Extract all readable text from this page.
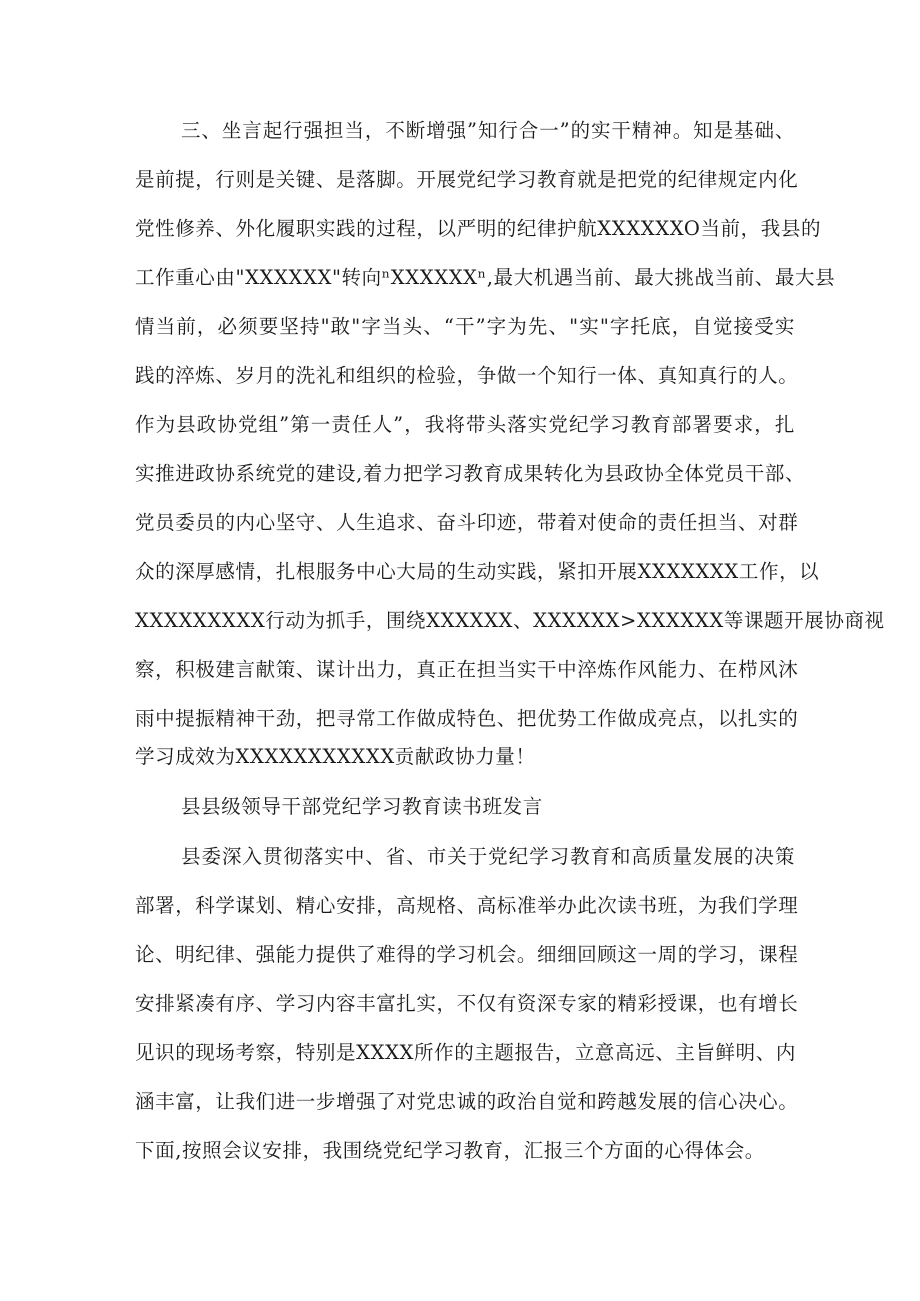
三、坐言起行强担当，不断增强”知行合一”的实干精神。知是基础、
是前提，行则是关键、是落脚。开展党纪学习教育就是把党的纪律规定内化
党性修养、外化履职实践的过程，以严明的纪律护航XXXXXXO当前，我县的
工作重心由"XXXXXX"转向ⁿXXXXXXⁿ,最大机遇当前、最大挑战当前、最大县
情当前，必须要坚持"敢"字当头、“干”字为先、"实"字托底，自觉接受实
践的淬炼、岁月的洗礼和组织的检验，争做一个知行一体、真知真行的人。
作为县政协党组”第一责任人”，我将带头落实党纪学习教育部署要求，扎
实推进政协系统党的建设,着力把学习教育成果转化为县政协全体党员干部、
党员委员的内心坚守、人生追求、奋斗印迹，带着对使命的责任担当、对群
众的深厚感情，扎根服务中心大局的生动实践，紧扣开展XXXXXXX工作，以
XXXXXXXXX行动为抓手，围绕XXXXXX、XXXXXX>XXXXXX等课题开展协商视
察，积极建言献策、谋计出力，真正在担当实干中淬炼作风能力、在栉风沐
雨中提振精神干劲，把寻常工作做成特色、把优势工作做成亮点，以扎实的
学习成效为XXXXXXXXXXX贡献政协力量！
县县级领导干部党纪学习教育读书班发言
县委深入贯彻落实中、省、市关于党纪学习教育和高质量发展的决策
部署，科学谋划、精心安排，高规格、高标准举办此次读书班，为我们学理
论、明纪律、强能力提供了难得的学习机会。细细回顾这一周的学习，课程
安排紧凑有序、学习内容丰富扎实，不仅有资深专家的精彩授课，也有增长
见识的现场考察，特别是XXXX所作的主题报告，立意高远、主旨鲜明、内
涵丰富，让我们进一步增强了对党忠诚的政治自觉和跨越发展的信心决心。
下面,按照会议安排，我围绕党纪学习教育，汇报三个方面的心得体会。
